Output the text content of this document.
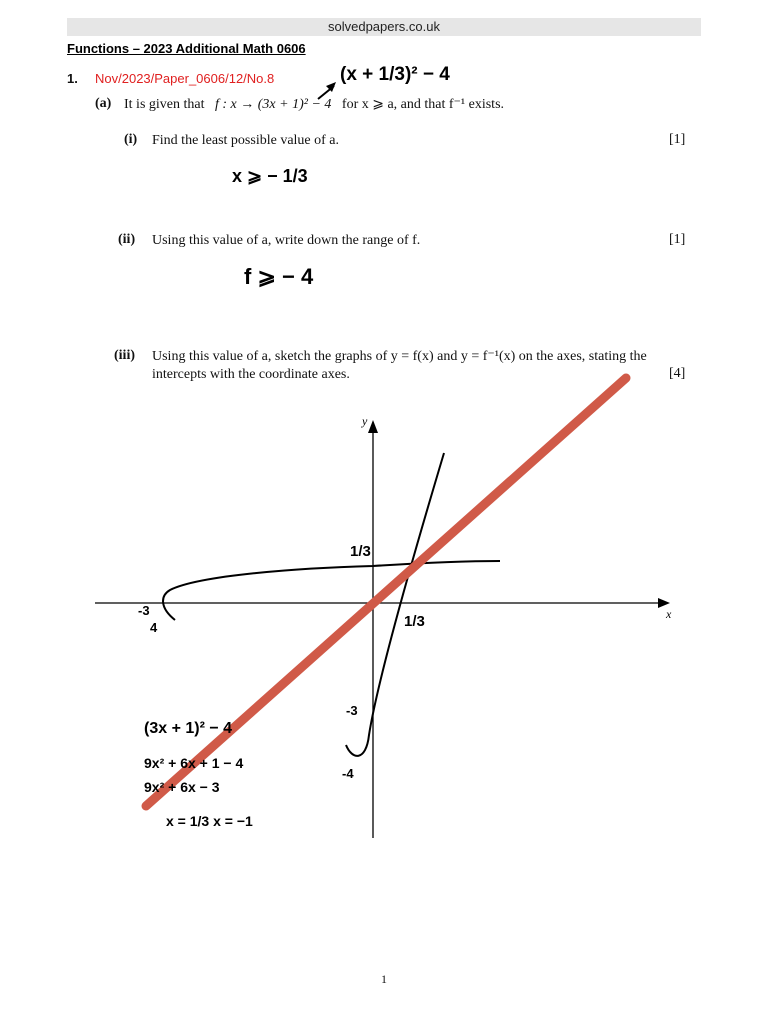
solvedpapers.co.uk
Functions – 2023 Additional Math 0606
1. Nov/2023/Paper_0606/12/No.8
(a) It is given that f : x → (3x + 1)² − 4 for x ⩾ a, and that f⁻¹ exists.
(i) Find the least possible value of a.	[1]
(ii) Using this value of a, write down the range of f.	[1]
(iii) Using this value of a, sketch the graphs of y = f(x) and y = f⁻¹(x) on the axes, stating the
intercepts with the coordinate axes.	[4]
(x + 1/3)² − 4
x ⩾ − 1/3
f ⩾ − 4
x
y
1/3
1/3
-3
4
-3
-4
(3x + 1)² − 4
9x² + 6x + 1 − 4
9x² + 6x − 3
x = 1/3 x = −1
1
